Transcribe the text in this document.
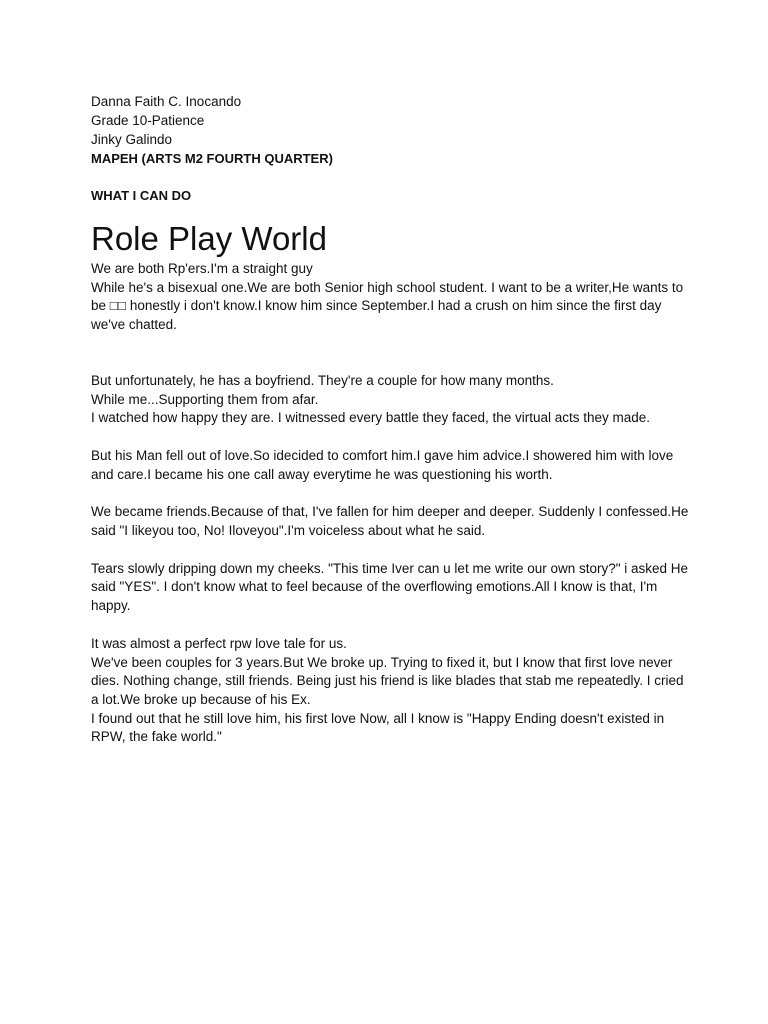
Danna Faith C. Inocando

Grade 10-Patience

Jinky Galindo

MAPEH (ARTS M2 FOURTH QUARTER)

WHAT I CAN DO

Role Play World

We are both Rp'ers.I'm a straight guy

While he's a bisexual one.We are both Senior high school student. I want to be a writer,He wants to be □□ honestly i don't know.I know him since September.I had a crush on him since the first day we've chatted.

But unfortunately, he has a boyfriend. They're a couple for how many months.

While me...Supporting them from afar.

I watched how happy they are. I witnessed every battle they faced, the virtual acts they made.

But his Man fell out of love.So idecided to comfort him.I gave him advice.I showered him with love and care.I became his one call away everytime he was questioning his worth.

We became friends.Because of that, I've fallen for him deeper and deeper. Suddenly I confessed.He said "I likeyou too, No! Iloveyou".I'm voiceless about what he said.

Tears slowly dripping down my cheeks. "This time Iver can u let me write our own story?" i asked He said "YES". I don't know what to feel because of the overflowing emotions.All I know is that, I'm happy.

It was almost a perfect rpw love tale for us.

We've been couples for 3 years.But We broke up. Trying to fixed it, but I know that first love never dies. Nothing change, still friends. Being just his friend is like blades that stab me repeatedly. I cried a lot.We broke up because of his Ex.

I found out that he still love him, his first love Now, all I know is "Happy Ending doesn't existed in RPW, the fake world."
